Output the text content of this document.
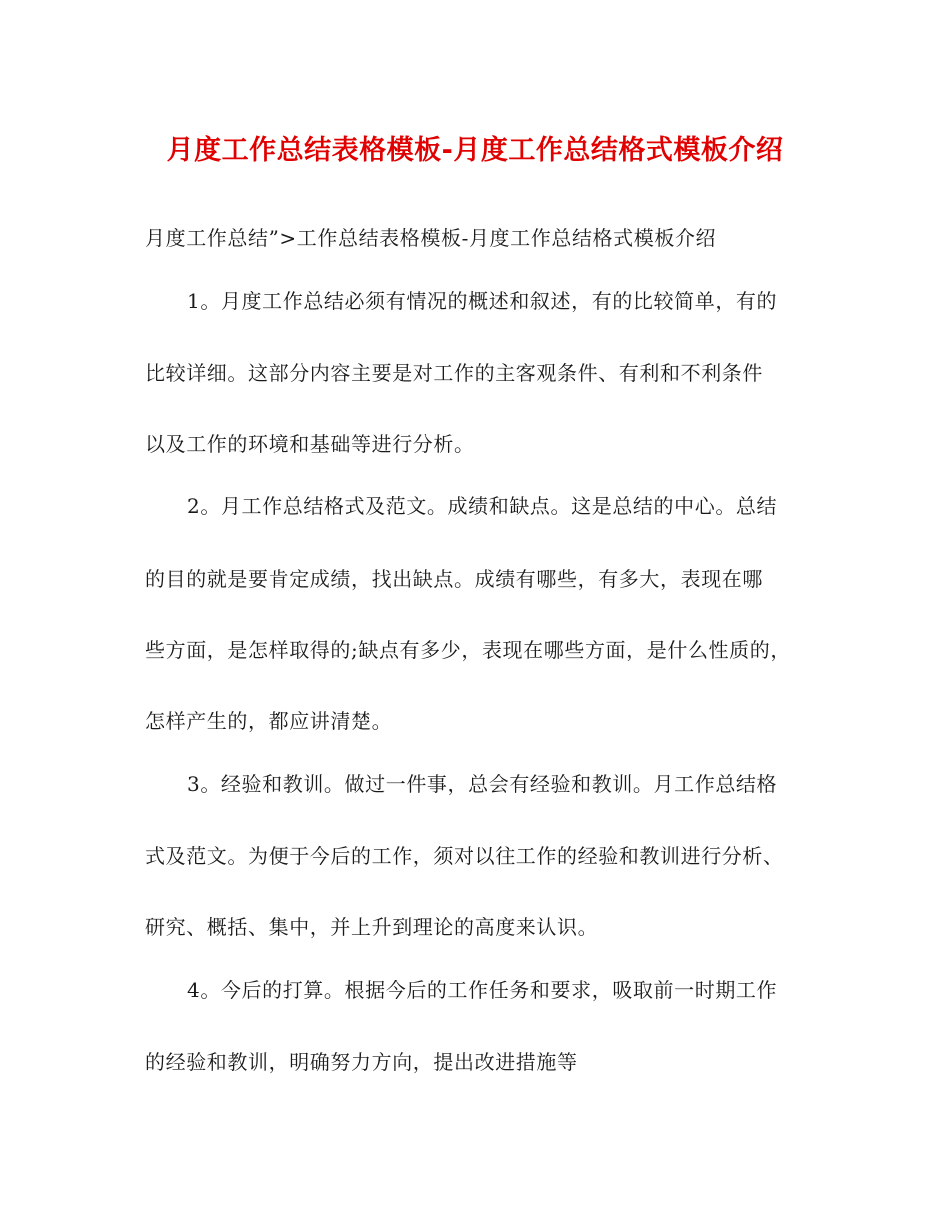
月度工作总结表格模板-月度工作总结格式模板介绍
月度工作总结”>工作总结表格模板-月度工作总结格式模板介绍
1。月度工作总结必须有情况的概述和叙述，有的比较简单，有的
比较详细。这部分内容主要是对工作的主客观条件、有利和不利条件
以及工作的环境和基础等进行分析。
2。月工作总结格式及范文。成绩和缺点。这是总结的中心。总结
的目的就是要肯定成绩，找出缺点。成绩有哪些，有多大，表现在哪
些方面，是怎样取得的;缺点有多少，表现在哪些方面，是什么性质的，
怎样产生的，都应讲清楚。
3。经验和教训。做过一件事，总会有经验和教训。月工作总结格
式及范文。为便于今后的工作，须对以往工作的经验和教训进行分析、
研究、概括、集中，并上升到理论的高度来认识。
4。今后的打算。根据今后的工作任务和要求，吸取前一时期工作
的经验和教训，明确努力方向，提出改进措施等
